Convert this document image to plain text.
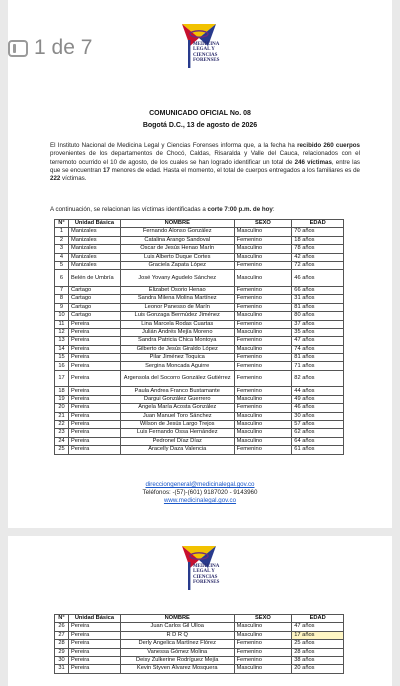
1 de 7	MEDICINA
LEGAL Y
CIENCIAS
FORENSES
COMUNICADO OFICIAL No. 08
Bogotá D.C., 13 de agosto de 2026
El Instituto Nacional de Medicina Legal y Ciencias Forenses informa que, a la fecha ha recibido 260 cuerpos provenientes de los departamentos de Chocó, Caldas, Risaralda y Valle del Cauca, relacionados con el terremoto ocurrido el 10 de agosto, de los cuales se han logrado identificar un total de 246 víctimas, entre las que se encuentran 17 menores de edad. Hasta el momento, el total de cuerpos entregados a los familiares es de 222 víctimas.
A continuación, se relacionan las víctimas identificadas a corte 7:00 p.m. de hoy:
N°	Unidad Básica	NOMBRE	SEXO	EDAD
1	Manizales	Fernando Alonso González	Masculino	70 años
2	Manizales	Catalina Arango Sandoval	Femenino	18 años
3	Manizales	Oscar de Jesús Henao Marín	Masculino	78 años
4	Manizales	Luis Alberto Duque Cortes	Masculino	42 años
5	Manizales	Graciela Zapata López	Femenino	72 años
6	Belén de Umbría	José Yovany Agudelo Sánchez	Masculino	46 años
7	Cartago	Elizabet Osorio Henao	Femenino	66 años
8	Cartago	Sandra Milena Molina Martínez	Femenino	31 años
9	Cartago	Leonor Panesso de Marín	Femenino	81 años
10	Cartago	Luis Gonzaga Bermúdez Jiménez	Masculino	80 años
11	Pereira	Lina Marcela Rodas Cuartas	Femenino	37 años
12	Pereira	Julián Andrés Mejía Moreno	Masculino	35 años
13	Pereira	Sandra Patricia Chica Montoya	Femenino	47 años
14	Pereira	Gilberto de Jesús Giraldo López	Masculino	74 años
15	Pereira	Pilar Jiménez Toquica	Femenino	81 años
16	Pereira	Sergina Moncada Aguirre	Femenino	71 años
17	Pereira	Argensola del Socorro González Gutiérrez	Femenino	82 años
18	Pereira	Paula Andrea Franco Bustamante	Femenino	44 años
19	Pereira	Dargui González Guerrero	Masculino	49 años
20	Pereira	Angela María Acosta González	Femenino	46 años
21	Pereira	Juan Manuel Toro Sánchez	Masculino	30 años
22	Pereira	Wilson de Jesús Largo Trejos	Masculino	57 años
23	Pereira	Luis Fernando Ossa Hernández	Masculino	62 años
24	Pereira	Pedronel Díaz Díaz	Masculino	64 años
25	Pereira	Aracelly Daza Valencia	Femenino	61 años
direcciongeneral@medicinalegal.gov.co
Teléfonos: -(57)-(601) 9187020 - 9143960
www.medicinalegal.gov.co
MEDICINA
LEGAL Y
CIENCIAS
FORENSES
N°	Unidad Básica	NOMBRE	SEXO	EDAD
26	Pereira	Juan Carlos Gil Ulloa	Masculino	47 años
27	Pereira	R D R Q	Masculino	17 años
28	Pereira	Derly Angelica Martínez Flórez	Femenino	25 años
29	Pereira	Vanessa Gómez Molina	Femenino	28 años
30	Pereira	Deisy Zulkerine Rodríguez Mejía	Femenino	38 años
31	Pereira	Kevin Styven Álvarez Mosquera	Masculino	20 años
